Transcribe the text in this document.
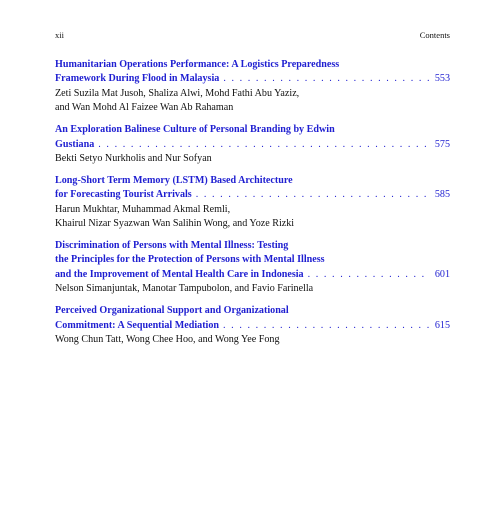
xii	Contents
Humanitarian Operations Performance: A Logistics Preparedness
Framework During Flood in Malaysia . . .	553
Zeti Suzila Mat Jusoh, Shaliza Alwi, Mohd Fathi Abu Yaziz,
and Wan Mohd Al Faizee Wan Ab Rahaman
An Exploration Balinese Culture of Personal Branding by Edwin
Gustiana . . .	575
Bekti Setyo Nurkholis and Nur Sofyan
Long-Short Term Memory (LSTM) Based Architecture
for Forecasting Tourist Arrivals . . .	585
Harun Mukhtar, Muhammad Akmal Remli,
Khairul Nizar Syazwan Wan Salihin Wong, and Yoze Rizki
Discrimination of Persons with Mental Illness: Testing
the Principles for the Protection of Persons with Mental Illness
and the Improvement of Mental Health Care in Indonesia . . .	601
Nelson Simanjuntak, Manotar Tampubolon, and Favio Farinella
Perceived Organizational Support and Organizational
Commitment: A Sequential Mediation . . .	615
Wong Chun Tatt, Wong Chee Hoo, and Wong Yee Fong
